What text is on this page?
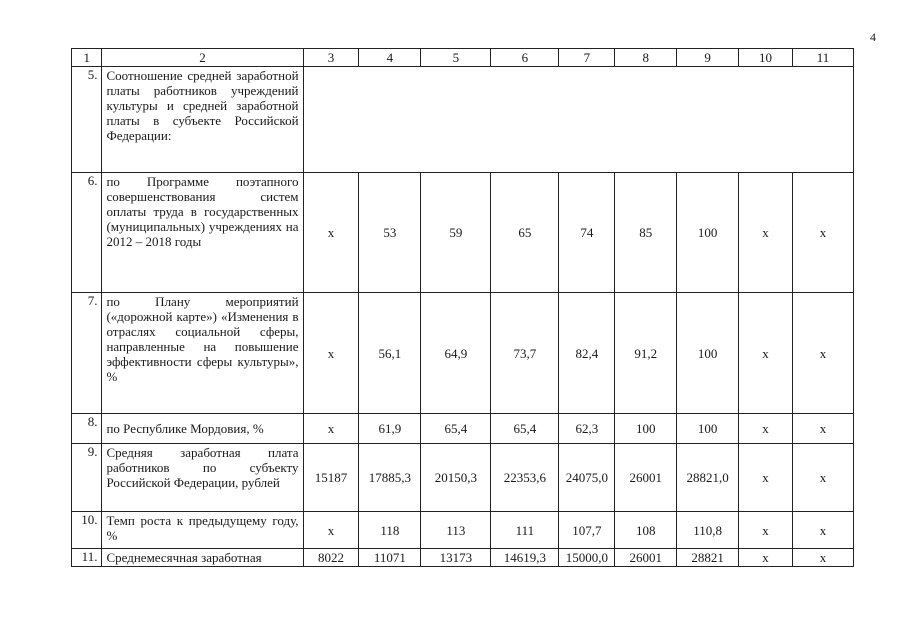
4
1	2	3	4	5	6	7	8	9	10	11
5.	Соотношение средней заработной платы работников учреждений культуры и средней заработной платы в субъекте Российской Федерации:									
6.	по Программе поэтапного совершенствования систем оплаты труда в государственных (муниципальных) учреждениях на 2012 – 2018 годы	x	53	59	65	74	85	100	x	x
7.	по Плану мероприятий («дорожной карте») «Изменения в отраслях социальной сферы, направленные на повышение эффективности сферы культуры», %	x	56,1	64,9	73,7	82,4	91,2	100	x	x
8.	по Республике Мордовия, %	x	61,9	65,4	65,4	62,3	100	100	x	x
9.	Средняя заработная плата работников по субъекту Российской Федерации, рублей	15187	17885,3	20150,3	22353,6	24075,0	26001	28821,0	x	x
10.	Темп роста к предыдущему году, %	x	118	113	111	107,7	108	110,8	x	x
11.	Среднемесячная заработная	8022	11071	13173	14619,3	15000,0	26001	28821	x	x
